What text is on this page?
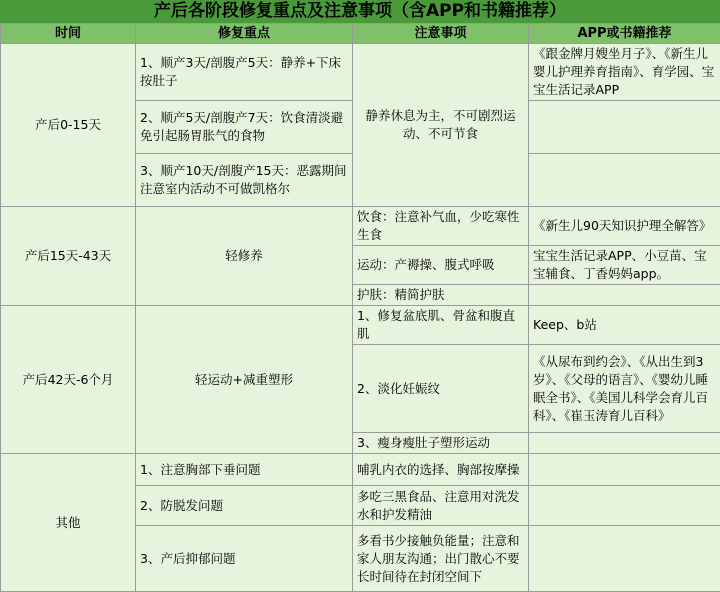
产后各阶段修复重点及注意事项（含APP和书籍推荐）
时间	修复重点	注意事项	APP或书籍推荐
产后0-15天	1、顺产3天/剖腹产5天：静养+下床按肚子	静养休息为主，不可剧烈运动、不可节食	《跟金牌月嫂坐月子》、《新生儿婴儿护理养育指南》、育学园、宝宝生活记录APP
	2、顺产5天/剖腹产7天：饮食清淡避免引起肠胃胀气的食物		
	3、顺产10天/剖腹产15天：恶露期间注意室内活动不可做凯格尔		
产后15天-43天	轻修养	饮食：注意补气血，少吃寒性生食	《新生儿90天知识护理全解答》
		运动：产褥操、腹式呼吸	宝宝生活记录APP、小豆苗、宝宝辅食、丁香妈妈app。
		护肤：精简护肤	
产后42天-6个月	轻运动+减重塑形	1、修复盆底肌、骨盆和腹直肌	Keep、b站
		2、淡化妊娠纹	《从尿布到约会》、《从出生到3岁》、《父母的语言》、《婴幼儿睡眠全书》、《美国儿科学会育儿百科》、《崔玉涛育儿百科》
		3、瘦身瘦肚子塑形运动	
其他	1、注意胸部下垂问题	哺乳内衣的选择、胸部按摩操	
	2、防脱发问题	多吃三黑食品、注意用对洗发水和护发精油	
	3、产后抑郁问题	多看书少接触负能量；注意和家人朋友沟通；出门散心不要长时间待在封闭空间下	
